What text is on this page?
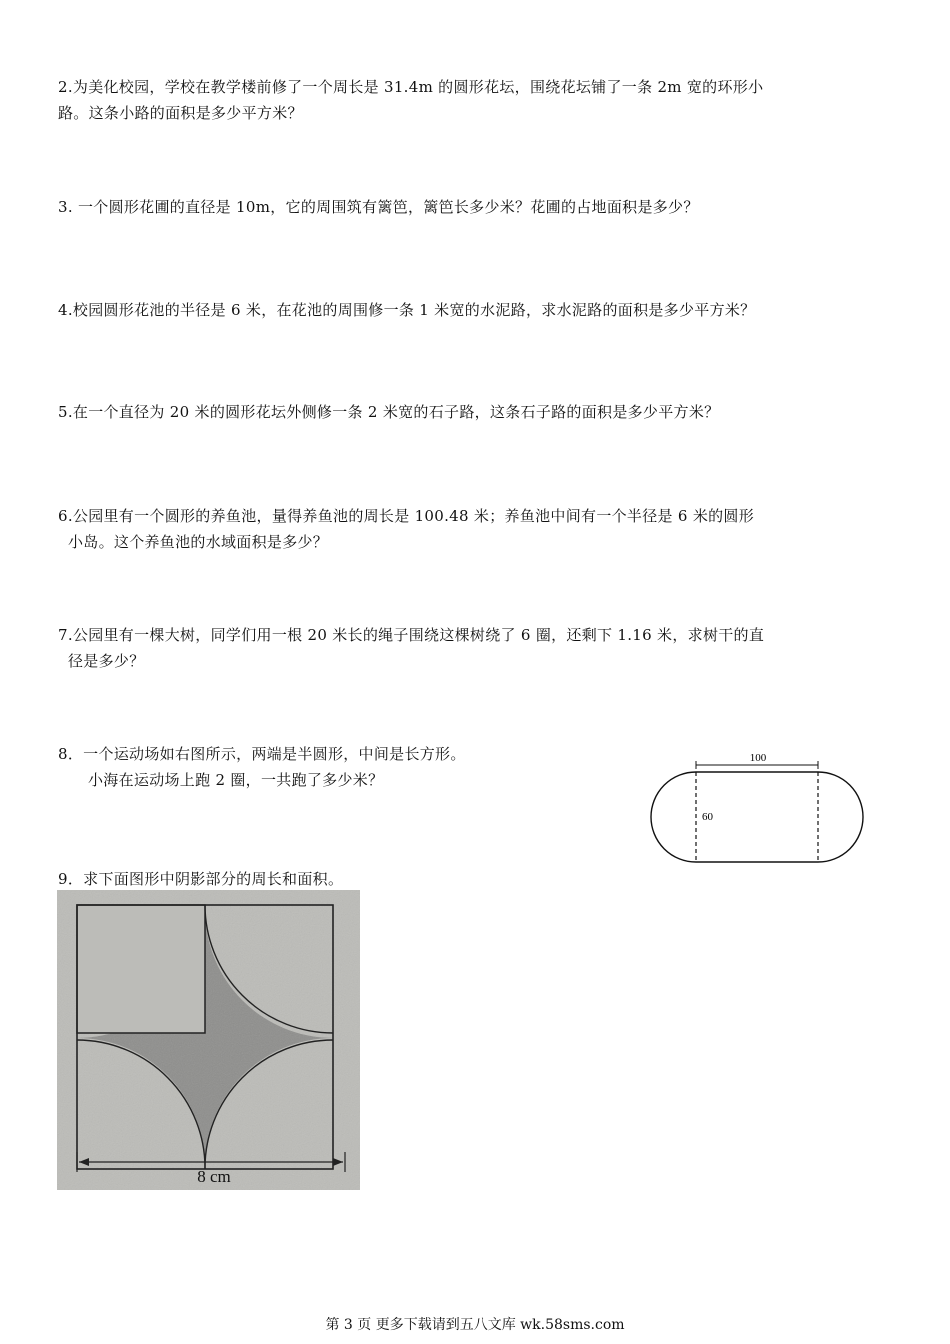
2.为美化校园，学校在教学楼前修了一个周长是 31.4m 的圆形花坛，围绕花坛铺了一条 2m 宽的环形小
路。这条小路的面积是多少平方米？
3. 一个圆形花圃的直径是 10m，它的周围筑有篱笆，篱笆长多少米？花圃的占地面积是多少？
4.校园圆形花池的半径是 6 米，在花池的周围修一条 1 米宽的水泥路，求水泥路的面积是多少平方米？
5.在一个直径为 20 米的圆形花坛外侧修一条 2 米宽的石子路，这条石子路的面积是多少平方米？
6.公园里有一个圆形的养鱼池，量得养鱼池的周长是 100.48 米；养鱼池中间有一个半径是 6 米的圆形

小岛。这个养鱼池的水域面积是多少？
7.公园里有一棵大树，同学们用一根 20 米长的绳子围绕这棵树绕了 6 圈，还剩下 1.16 米，求树干的直

径是多少？
8．一个运动场如右图所示，两端是半圆形，中间是长方形。

小海在运动场上跑 2 圈，一共跑了多少米？
100
60
9．求下面图形中阴影部分的周长和面积。
8 cm
第 3 页 更多下载请到五八文库 wk.58sms.com
